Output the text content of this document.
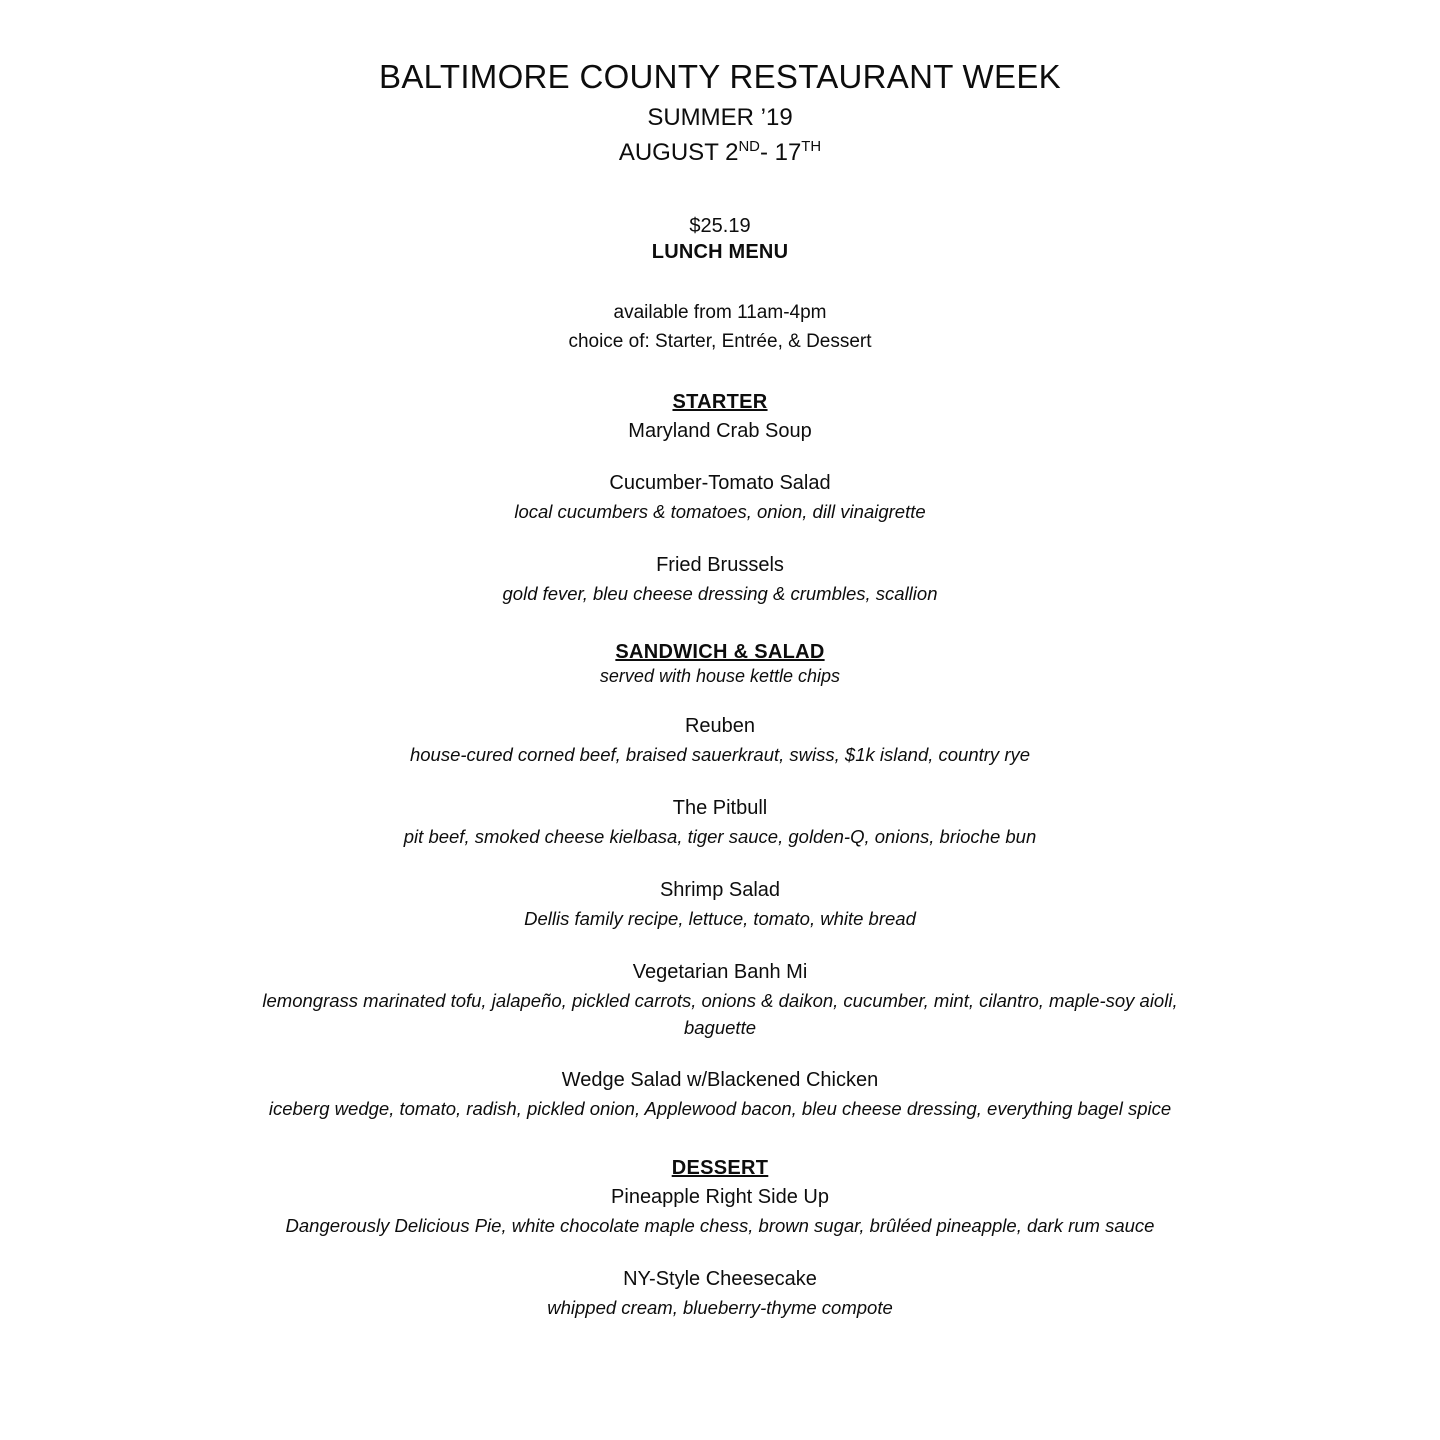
BALTIMORE COUNTY RESTAURANT WEEK

SUMMER ’19

AUGUST 2ND- 17TH

$25.19

LUNCH MENU

available from 11am-4pm

choice of: Starter, Entrée, & Dessert

STARTER

Maryland Crab Soup

Cucumber-Tomato Salad

local cucumbers & tomatoes, onion, dill vinaigrette

Fried Brussels

gold fever, bleu cheese dressing & crumbles, scallion

SANDWICH & SALAD

served with house kettle chips

Reuben

house-cured corned beef, braised sauerkraut, swiss, $1k island, country rye

The Pitbull

pit beef, smoked cheese kielbasa, tiger sauce, golden-Q, onions, brioche bun

Shrimp Salad

Dellis family recipe, lettuce, tomato, white bread

Vegetarian Banh Mi

lemongrass marinated tofu, jalapeño, pickled carrots, onions & daikon, cucumber, mint, cilantro, maple-soy aioli, baguette

Wedge Salad w/Blackened Chicken

iceberg wedge, tomato, radish, pickled onion, Applewood bacon, bleu cheese dressing, everything bagel spice

DESSERT

Pineapple Right Side Up

Dangerously Delicious Pie, white chocolate maple chess, brown sugar, brûléed pineapple, dark rum sauce

NY-Style Cheesecake

whipped cream, blueberry-thyme compote
